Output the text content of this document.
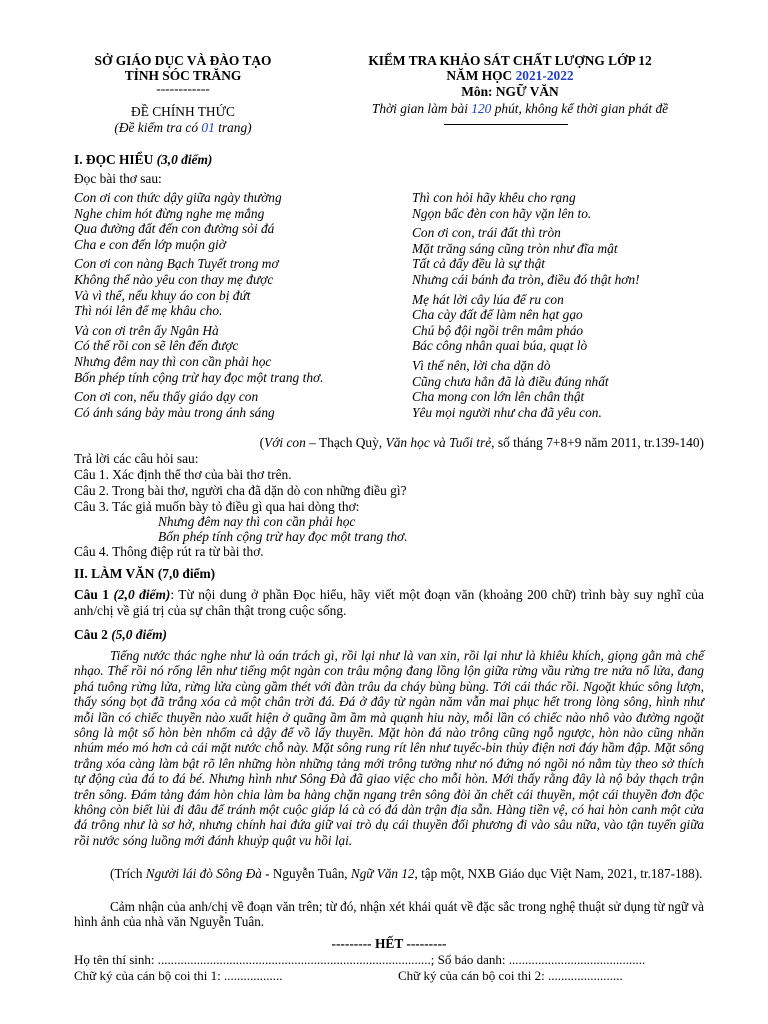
SỞ GIÁO DỤC VÀ ĐÀO TẠO
TỈNH SÓC TRĂNG
------------
ĐỀ CHÍNH THỨC
(Đề kiểm tra có 01 trang)
KIỂM TRA KHẢO SÁT CHẤT LƯỢNG LỚP 12
NĂM HỌC 2021-2022
Môn: NGỮ VĂN
Thời gian làm bài 120 phút, không kể thời gian phát đề
I. ĐỌC HIỂU (3,0 điểm)
Đọc bài thơ sau:
Con ơi con thức dậy giữa ngày thường
Nghe chim hót đừng nghe mẹ mắng
Qua đường đất đến con đường sỏi đá
Cha e con đến lớp muộn giờ
Con ơi con nàng Bạch Tuyết trong mơ
Không thể nào yêu con thay mẹ được
Và vì thế, nếu khuy áo con bị đứt
Thì nói lên để mẹ khâu cho.
Và con ơi trên ấy Ngân Hà
Có thể rồi con sẽ lên đến được
Nhưng đêm nay thì con cần phải học
Bốn phép tính cộng trừ hay đọc một trang thơ.
Con ơi con, nếu thấy giáo dạy con
Có ánh sáng bảy màu trong ánh sáng
Thì con hỏi hãy khêu cho rạng
Ngọn bấc đèn con hãy vặn lên to.
Con ơi con, trái đất thì tròn
Mặt trăng sáng cũng tròn như đĩa mật
Tất cả đấy đều là sự thật
Nhưng cái bánh đa tròn, điều đó thật hơn!
Mẹ hát lời cây lúa để ru con
Cha cày đất để làm nên hạt gạo
Chú bộ đội ngồi trên mâm pháo
Bác công nhân quai búa, quạt lò
Vì thế nên, lời cha dặn dò
Cũng chưa hẳn đã là điều đúng nhất
Cha mong con lớn lên chân thật
Yêu mọi người như cha đã yêu con.
(Với con – Thạch Quỳ, Văn học và Tuổi trẻ, số tháng 7+8+9 năm 2011, tr.139-140)
Trả lời các câu hỏi sau:
Câu 1. Xác định thể thơ của bài thơ trên.
Câu 2. Trong bài thơ, người cha đã dặn dò con những điều gì?
Câu 3. Tác giả muốn bày tỏ điều gì qua hai dòng thơ:
Nhưng đêm nay thì con cần phải học
Bốn phép tính cộng trừ hay đọc một trang thơ.
Câu 4. Thông điệp rút ra từ bài thơ.
II. LÀM VĂN (7,0 điểm)
Câu 1 (2,0 điểm): Từ nội dung ở phần Đọc hiểu, hãy viết một đoạn văn (khoảng 200 chữ) trình bày suy nghĩ của anh/chị về giá trị của sự chân thật trong cuộc sống.
Câu 2 (5,0 điểm)
Tiếng nước thác nghe như là oán trách gì, rồi lại như là van xin, rồi lại như là khiêu khích, giọng gằn mà chế nhạo. Thế rồi nó rống lên như tiếng một ngàn con trâu mộng đang lồng lộn giữa rừng vầu rừng tre nứa nổ lửa, đang phá tuông rừng lửa, rừng lửa cùng gầm thét với đàn trâu da cháy bùng bùng. Tới cái thác rồi. Ngoặt khúc sông lượn, thấy sóng bọt đã trắng xóa cả một chân trời đá. Đá ở đây từ ngàn năm vẫn mai phục hết trong lòng sông, hình như mỗi lần có chiếc thuyền nào xuất hiện ở quãng ầm ầm mà quạnh hiu này, mỗi lần có chiếc nào nhô vào đường ngoặt sông là một số hòn bèn nhổm cả dậy để vồ lấy thuyền. Mặt hòn đá nào trông cũng ngỗ ngược, hòn nào cũng nhăn nhúm méo mó hơn cả cái mặt nước chỗ này. Mặt sông rung rít lên như tuyếc-bin thủy điện nơi đáy hầm đập. Mặt sông trắng xóa càng làm bật rõ lên những hòn những tảng mới trông tưởng như nó đứng nó ngồi nó nằm tùy theo sở thích tự động của đá to đá bé. Nhưng hình như Sông Đà đã giao việc cho mỗi hòn. Mới thấy rằng đây là nộ bảy thạch trận trên sông. Đám tảng đám hòn chia làm ba hàng chặn ngang trên sông đòi ăn chết cái thuyền, một cái thuyền đơn độc không còn biết lùi đi đâu để tránh một cuộc giáp lá cà có đá dàn trận địa sẵn. Hàng tiền vệ, có hai hòn canh một cửa đá trông như là sơ hở, nhưng chính hai đứa giữ vai trò dụ cái thuyền đối phương đi vào sâu nữa, vào tận tuyến giữa rồi nước sóng luồng mới đánh khuỷp quật vu hồi lại.
(Trích Người lái đò Sông Đà - Nguyễn Tuân, Ngữ Văn 12, tập một, NXB Giáo dục Việt Nam, 2021, tr.187-188).
Cảm nhận của anh/chị về đoạn văn trên; từ đó, nhận xét khái quát về đặc sắc trong nghệ thuật sử dụng từ ngữ và hình ảnh của nhà văn Nguyễn Tuân.
--------- HẾT ---------
Họ tên thí sinh: ....................................................................................; Số báo danh: ..........................................
Chữ ký của cán bộ coi thi 1: ..................	Chữ ký của cán bộ coi thi 2: .......................
